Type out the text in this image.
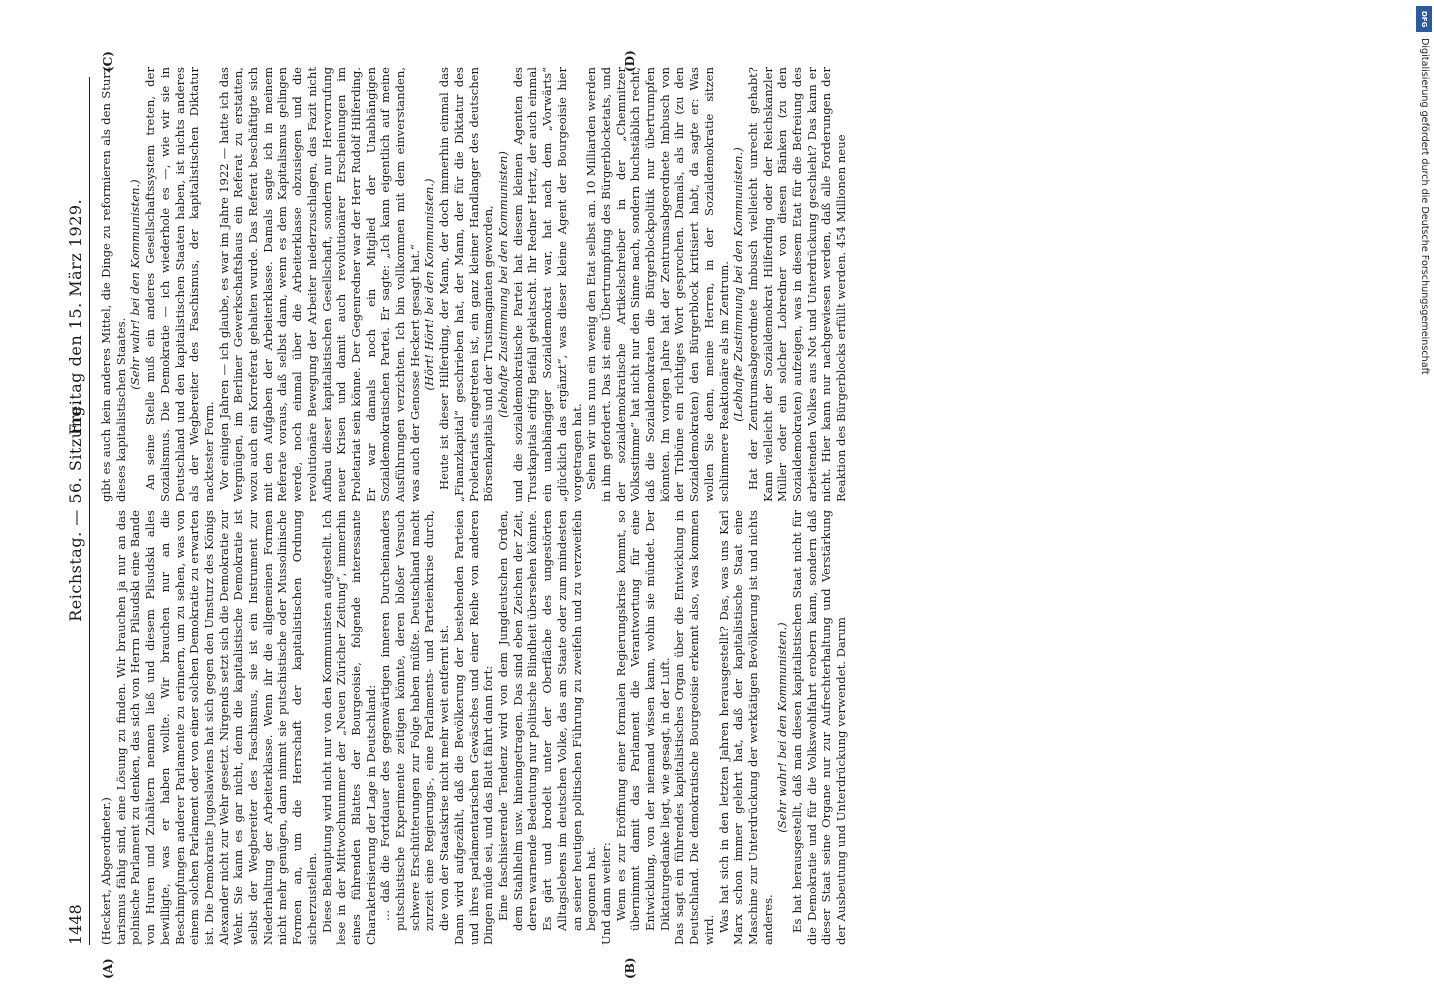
1448
Reichstag. — 56. Sitzung.
Freitag den 15. März 1929.
(A)	(B)
(C)	(D)

(Heckert, Abgeordneter.) tarismus fähig sind, eine Lösung zu finden. Wir brauchen ja nur an das polnische Parlament zu denken, das sich von Herrn Pilsudski eine Bande von Huren und Zuhältern nennen ließ und diesem Pilsudski alles bewilligte, was er haben wollte. Wir brauchen nur an die Beschimpfungen anderer Parlamente zu erinnern, um zu sehen, was von einem solchen Parlament oder von einer solchen Demokratie zu erwarten ist. Die Demokratie Jugoslawiens hat sich gegen den Umsturz des Königs Alexander nicht zur Wehr gesetzt. Nirgends setzt sich die Demokratie zur Wehr. Sie kann es gar nicht, denn die kapitalistische Demokratie ist selbst der Wegbereiter des Faschismus, sie ist ein Instrument zur Niederhaltung der Arbeiterklasse. Wenn ihr die allgemeinen Formen nicht mehr genügen, dann nimmt sie putschistische oder Mussolinische Formen an, um die Herrschaft der kapitalistischen Ordnung sicherzustellen. Diese Behauptung wird nicht nur von den Kommunisten aufgestellt. Ich lese in der Mittwochnummer der „Neuen Züricher Zeitung“, immerhin eines führenden Blattes der Bourgeoisie, folgende interessante Charakterisierung der Lage in Deutschland: ... daß die Fortdauer des gegenwärtigen inneren Durcheinanders putschistische Experimente zeitigen könnte, deren bloßer Versuch schwere Erschütterungen zur Folge haben müßte. Deutschland macht zurzeit eine Regierungs-, eine Parlaments- und Parteienkrise durch, die von der Staatskrise nicht mehr weit entfernt ist. Dann wird aufgezählt, daß die Bevölkerung der bestehenden Parteien und ihres parlamentarischen Gewäsches und einer Reihe von anderen Dingen müde sei, und das Blatt fährt dann fort: Eine faschisierende Tendenz wird von dem Jungdeutschen Orden, dem Stahlhelm usw. hineingetragen. Das sind eben Zeichen der Zeit, deren warnende Bedeutung nur politische Blindheit übersehen könnte. Es gärt und brodelt unter der Oberfläche des ungestörten Alltagslebens im deutschen Volke, das am Staate oder zum mindesten an seiner heutigen politischen Führung zu zweifeln und zu verzweifeln begonnen hat. Und dann weiter: Wenn es zur Eröffnung einer formalen Regierungskrise kommt, so übernimmt damit das Parlament die Verantwortung für eine Entwicklung, von der niemand wissen kann, wohin sie mündet. Der Diktaturgedanke liegt, wie gesagt, in der Luft. Das sagt ein führendes kapitalistisches Organ über die Entwicklung in Deutschland. Die demokratische Bourgeoisie erkennt also, was kommen wird. Was hat sich in den letzten Jahren herausgestellt? Das, was uns Karl Marx schon immer gelehrt hat, daß der kapitalistische Staat eine Maschine zur Unterdrückung der werktätigen Bevölkerung ist und nichts anderes.

(Sehr wahr! bei den Kommunisten.) Es hat herausgestellt, daß man diesen kapitalistischen Staat nicht für die Demokratie und für die Volkswohlfahrt erobern kann, sondern daß dieser Staat seine Organe nur zur Aufrechterhaltung und Verstärkung der Ausbeutung und Unterdrückung verwendet. Darum

gibt es auch kein anderes Mittel, die Dinge zu reformieren als den Sturz dieses kapitalistischen Staates.

(Sehr wahr! bei den Kommunisten.) An seine Stelle muß ein anderes Gesellschaftssystem treten, der Sozialismus. Die Demokratie — ich wiederhole es —, wie wir sie in Deutschland und den kapitalistischen Staaten haben, ist nichts anderes als der Wegbereiter des Faschismus, der kapitalistischen Diktatur nacktester Form. Vor einigen Jahren — ich glaube, es war im Jahre 1922 — hatte ich das Vergnügen, im Berliner Gewerkschaftshaus ein Referat zu erstatten, wozu auch ein Korreferat gehalten wurde. Das Referat beschäftigte sich mit den Aufgaben der Arbeiterklasse. Damals sagte ich in meinem Referate voraus, daß selbst dann, wenn es dem Kapitalismus gelingen werde, noch einmal über die Arbeiterklasse obzusiegen und die revolutionäre Bewegung der Arbeiter niederzuschlagen, das Fazit nicht Aufbau dieser kapitalistischen Gesellschaft, sondern nur Hervorrufung neuer Krisen und damit auch revolutionärer Erscheinungen im Proletariat sein könne. Der Gegenredner war der Herr Rudolf Hilferding. Er war damals noch ein Mitglied der Unabhängigen Sozialdemokratischen Partei. Er sagte: „Ich kann eigentlich auf meine Ausführungen verzichten. Ich bin vollkommen mit dem einverstanden, was auch der Genosse Heckert gesagt hat.“ (Hört! Hört! bei den Kommunisten.) Heute ist dieser Hilferding, der Mann, der doch immerhin einmal das „Finanzkapital“ geschrieben hat, der Mann, der für die Diktatur des Proletariats eingetreten ist, ein ganz kleiner Handlanger des deutschen Börsenkapitals und der Trustmagnaten geworden, (lebhafte Zustimmung bei den Kommunisten) und die sozialdemokratische Partei hat diesem kleinen Agenten des Trustkapitals eifrig Beifall geklatscht. Ihr Redner Hertz, der auch einmal ein unabhängiger Sozialdemokrat war, hat nach dem „Vorwärts“ „glücklich das ergänzt“, was dieser kleine Agent der Bourgeoisie hier vorgetragen hat. Sehen wir uns nun ein wenig den Etat selbst an. 10 Milliarden werden in ihm gefordert. Das ist eine Übertrumpfung des Bürgerblocketats, und der sozialdemokratische Artikelschreiber in der „Chemnitzer Volksstimme“ hat nicht nur den Sinne nach, sondern buchstäblich recht, daß die Sozialdemokraten die Bürgerblockpolitik nur übertrumpfen könnten. Im vorigen Jahre hat der Zentrumsabgeordnete Imbusch von der Tribüne ein richtiges Wort gesprochen. Damals, als ihr (zu den Sozialdemokraten) den Bürgerblock kritisiert habt, da sagte er: Was wollen Sie denn, meine Herren, in der Sozialdemokratie sitzen schlimmere Reaktionäre als im Zentrum. (Lebhafte Zustimmung bei den Kommunisten.) Hat der Zentrumsabgeordnete Imbusch vielleicht unrecht gehabt? Kann vielleicht der Sozialdemokrat Hilferding oder der Reichskanzler Müller oder ein solcher Lobredner von diesen Bänken (zu den Sozialdemokraten) aufzeigen, was in diesem Etat für die Befreiung des arbeitenden Volkes aus Not und Unterdrückung geschieht? Das kann er nicht. Hier kann nur nachgewiesen werden, daß alle Forderungen der Reaktion des Bürgerblocks erfüllt werden. 454 Millionen neue

DFG
Digitalisierung gefördert durch die Deutsche Forschungsgemeinschaft
